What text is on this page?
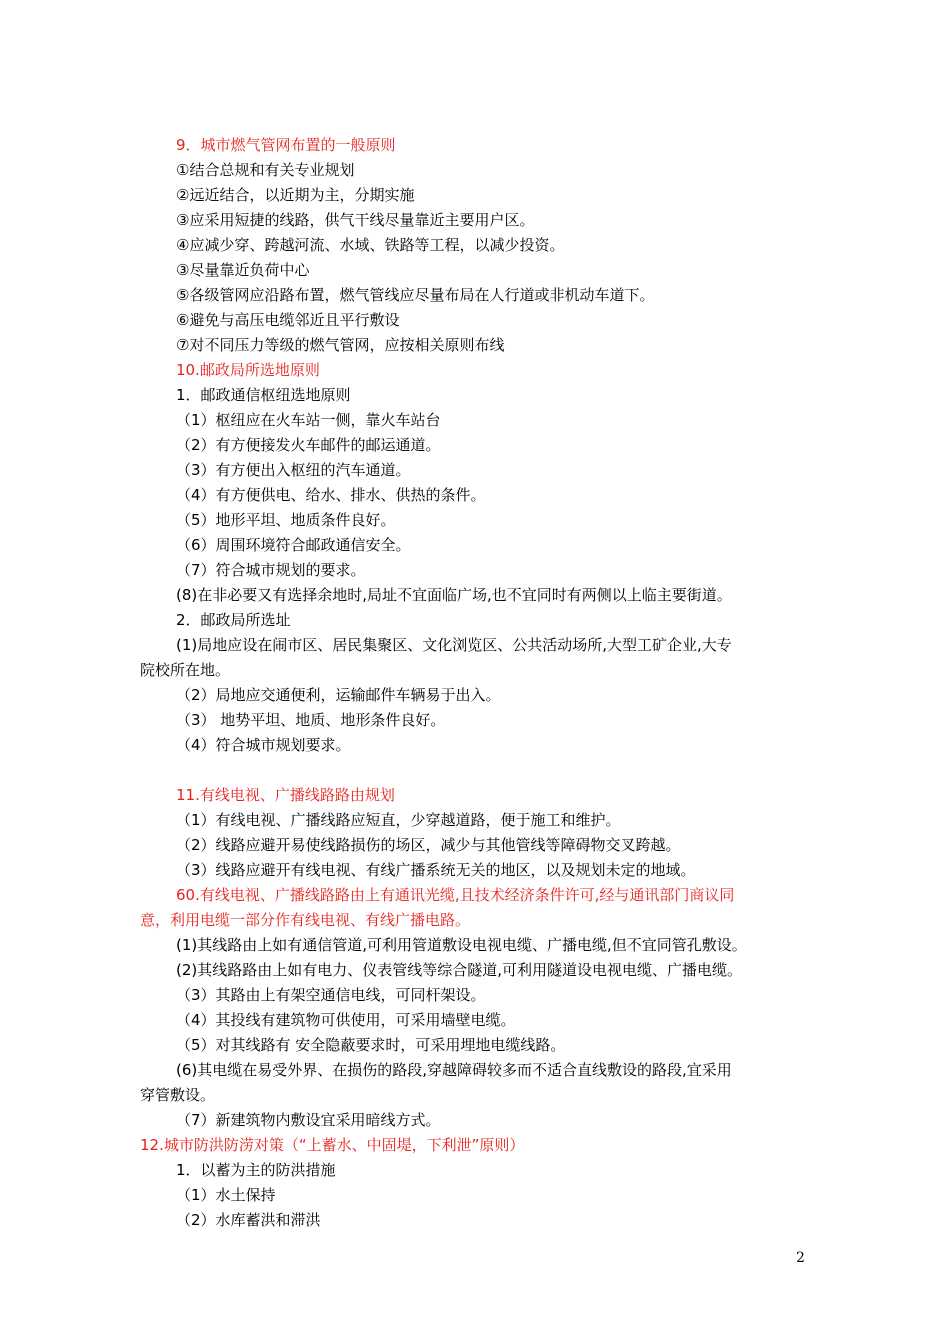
9．城市燃气管网布置的一般原则
①结合总规和有关专业规划
②远近结合，以近期为主，分期实施
③应采用短捷的线路，供气干线尽量靠近主要用户区。
④应减少穿、跨越河流、水域、铁路等工程，以减少投资。
③尽量靠近负荷中心
⑤各级管网应沿路布置，燃气管线应尽量布局在人行道或非机动车道下。
⑥避免与高压电缆邻近且平行敷设
⑦对不同压力等级的燃气管网，应按相关原则布线
10.邮政局所选地原则
1．邮政通信枢纽选地原则
（1）枢纽应在火车站一侧，靠火车站台
（2）有方便接发火车邮件的邮运通道。
（3）有方便出入枢纽的汽车通道。
（4）有方便供电、给水、排水、供热的条件。
（5）地形平坦、地质条件良好。
（6）周围环境符合邮政通信安全。
（7）符合城市规划的要求。
(8)在非必要又有选择余地时,局址不宜面临广场,也不宜同时有两侧以上临主要街道。
2．邮政局所选址
(1)局地应设在闹市区、居民集聚区、文化浏览区、公共活动场所,大型工矿企业,大专
院校所在地。
（2）局地应交通便利，运输邮件车辆易于出入。
（3） 地势平坦、地质、地形条件良好。
（4）符合城市规划要求。
11.有线电视、广播线路路由规划
（1）有线电视、广播线路应短直，少穿越道路，便于施工和维护。
（2）线路应避开易使线路损伤的场区，减少与其他管线等障碍物交叉跨越。
（3）线路应避开有线电视、有线广播系统无关的地区，以及规划未定的地域。
60.有线电视、广播线路路由上有通讯光缆,且技术经济条件许可,经与通讯部门商议同
意，利用电缆一部分作有线电视、有线广播电路。
(1)其线路由上如有通信管道,可利用管道敷设电视电缆、广播电缆,但不宜同管孔敷设。
(2)其线路路由上如有电力、仪表管线等综合隧道,可利用隧道设电视电缆、广播电缆。
（3）其路由上有架空通信电线，可同杆架设。
（4）其投线有建筑物可供使用，可采用墙壁电缆。
（5）对其线路有 安全隐蔽要求时，可采用埋地电缆线路。
(6)其电缆在易受外界、在损伤的路段,穿越障碍较多而不适合直线敷设的路段,宜采用
穿管敷设。
（7）新建筑物内敷设宜采用暗线方式。
12.城市防洪防涝对策（“上蓄水、中固堤，下利泄”原则）
1．以蓄为主的防洪措施
（1）水土保持
（2）水库蓄洪和滞洪
2
